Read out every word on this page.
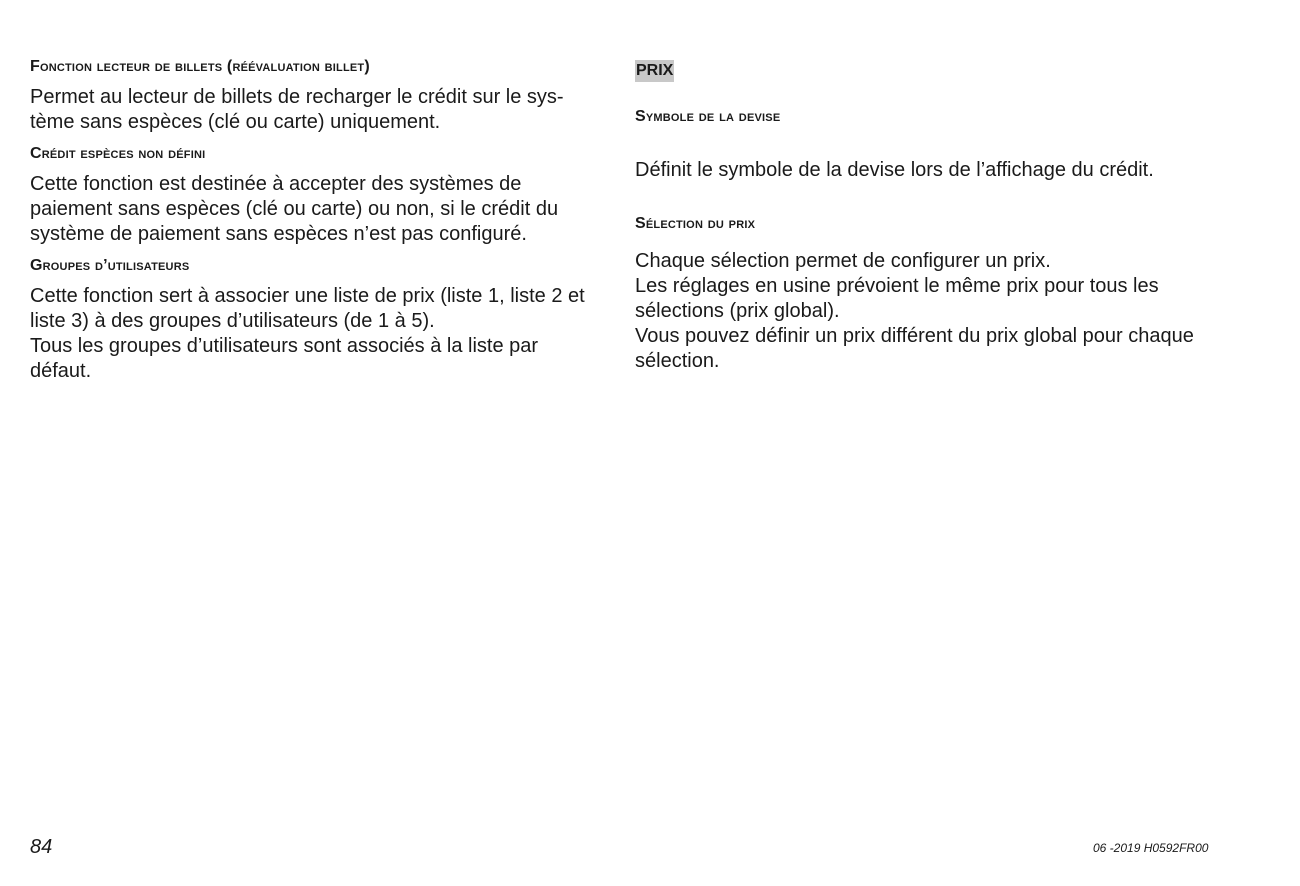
Fonction lecteur de billets (réévaluation billet)
Permet au lecteur de billets de recharger le crédit sur le sys-
tème sans espèces (clé ou carte) uniquement.
Crédit espèces non défini
Cette fonction est destinée à accepter des systèmes de
paiement sans espèces (clé ou carte) ou non, si le crédit du
système de paiement sans espèces n’est pas configuré.
Groupes d’utilisateurs
Cette fonction sert à associer une liste de prix (liste 1, liste 2 et
liste 3) à des groupes d’utilisateurs (de 1 à 5).
Tous les groupes d’utilisateurs sont associés à la liste par
défaut.
PRIX
Symbole de la devise
Définit le symbole de la devise lors de l’affichage du crédit.
Sélection du prix
Chaque sélection permet de configurer un prix.
Les réglages en usine prévoient le même prix pour tous les
sélections (prix global).
Vous pouvez définir un prix différent du prix global pour chaque
sélection.
84	06 -2019 H0592FR00
